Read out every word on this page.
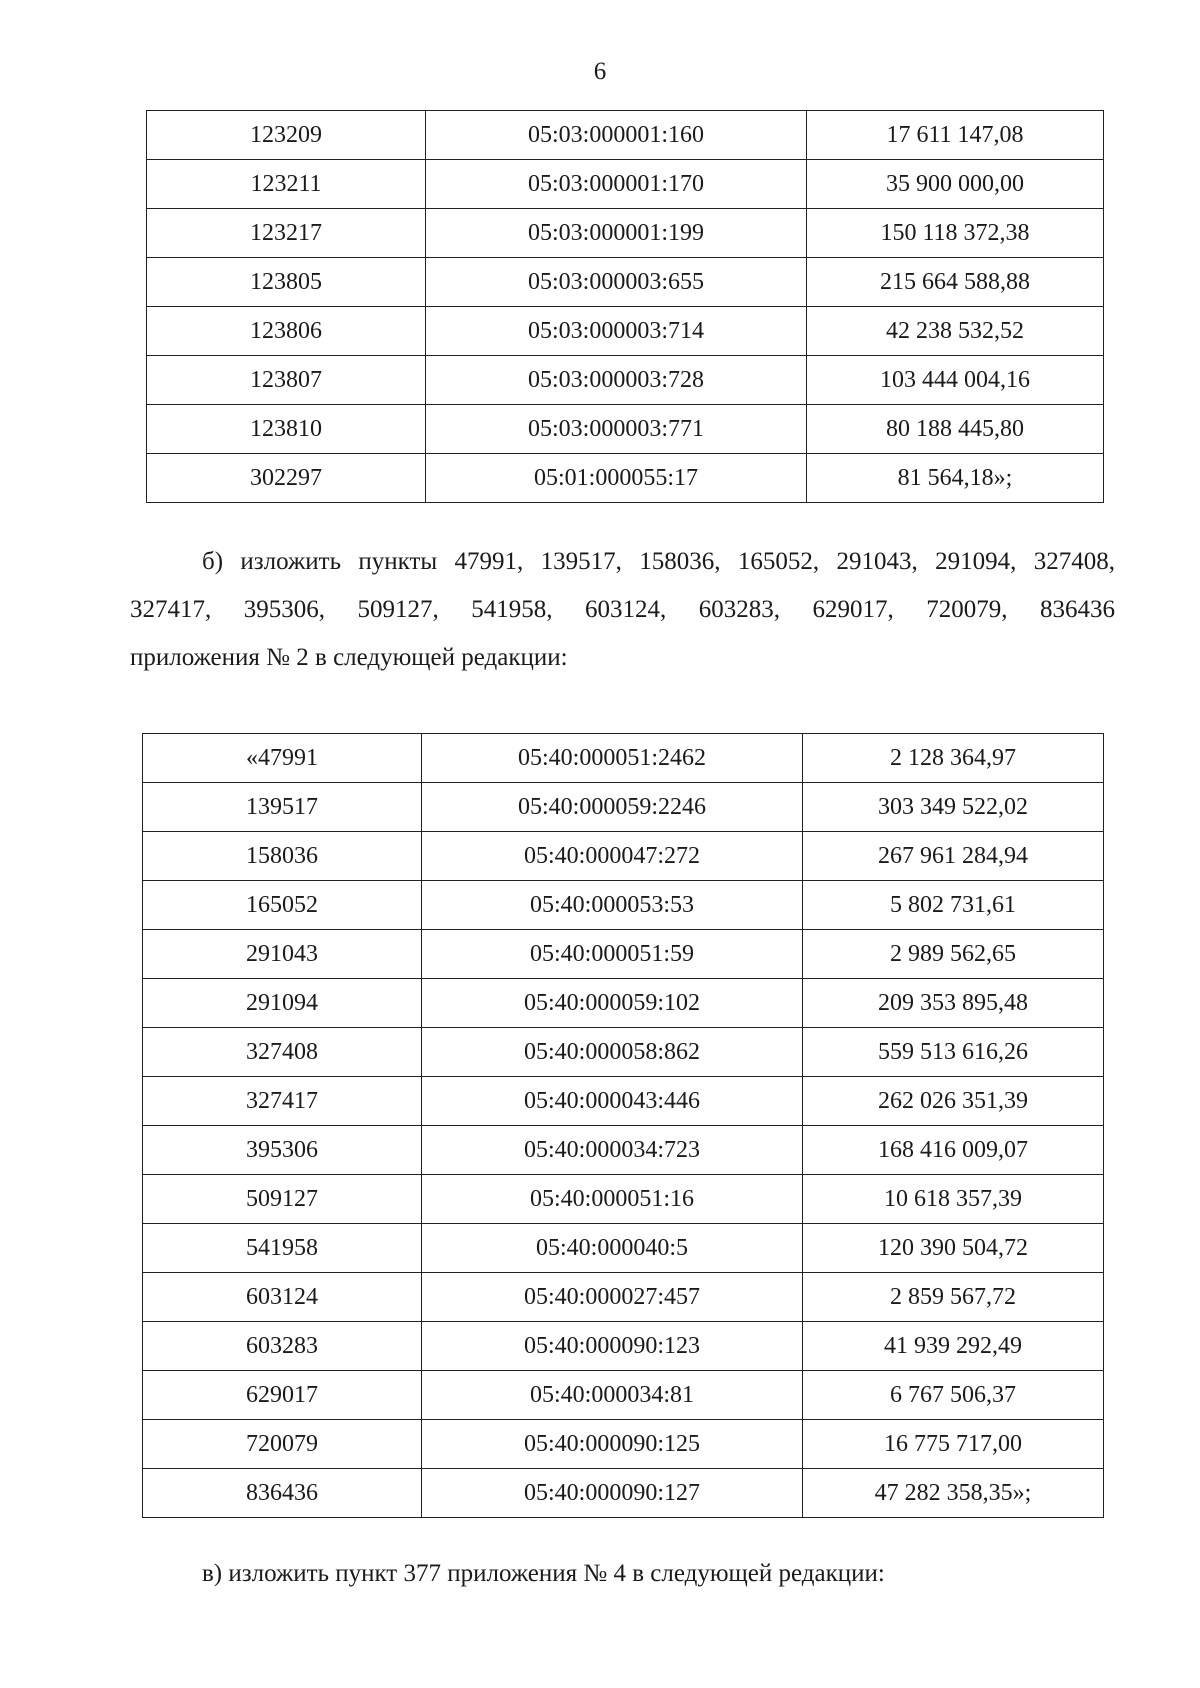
6
123209	05:03:000001:160	17 611 147,08
123211	05:03:000001:170	35 900 000,00
123217	05:03:000001:199	150 118 372,38
123805	05:03:000003:655	215 664 588,88
123806	05:03:000003:714	42 238 532,52
123807	05:03:000003:728	103 444 004,16
123810	05:03:000003:771	80 188 445,80
302297	05:01:000055:17	81 564,18»;
б) изложить пункты 47991, 139517, 158036, 165052, 291043, 291094, 327408,
327417, 395306, 509127, 541958, 603124, 603283, 629017, 720079, 836436
приложения № 2 в следующей редакции:
«47991	05:40:000051:2462	2 128 364,97
139517	05:40:000059:2246	303 349 522,02
158036	05:40:000047:272	267 961 284,94
165052	05:40:000053:53	5 802 731,61
291043	05:40:000051:59	2 989 562,65
291094	05:40:000059:102	209 353 895,48
327408	05:40:000058:862	559 513 616,26
327417	05:40:000043:446	262 026 351,39
395306	05:40:000034:723	168 416 009,07
509127	05:40:000051:16	10 618 357,39
541958	05:40:000040:5	120 390 504,72
603124	05:40:000027:457	2 859 567,72
603283	05:40:000090:123	41 939 292,49
629017	05:40:000034:81	6 767 506,37
720079	05:40:000090:125	16 775 717,00
836436	05:40:000090:127	47 282 358,35»;
в) изложить пункт 377 приложения № 4 в следующей редакции:
